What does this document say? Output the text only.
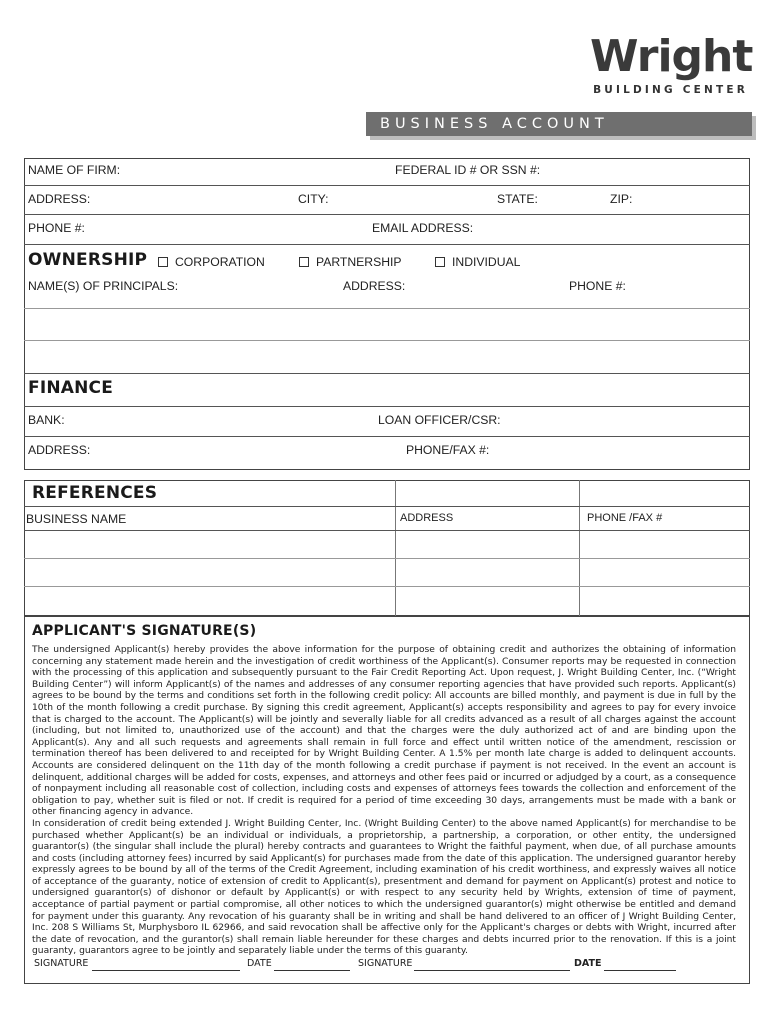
Wright
BUILDING CENTER
BUSINESS ACCOUNT APPLICATION
NAME OF FIRM:	FEDERAL ID # OR SSN #:
ADDRESS:	CITY:	STATE:	ZIP:
PHONE #:	EMAIL ADDRESS:
OWNERSHIP CORPORATION	PARTNERSHIP	INDIVIDUAL
NAME(S) OF PRINCIPALS:	ADDRESS:	PHONE #:
FINANCE
BANK:	LOAN OFFICER/CSR:
ADDRESS:	PHONE/FAX #:
REFERENCES
BUSINESS NAME	ADDRESS	PHONE /FAX #
APPLICANT'S SIGNATURE(S)

The undersigned Applicant(s) hereby provides the above information for the purpose of obtaining credit and authorizes the obtaining of information concerning any statement made herein and the investigation of credit worthiness of the Applicant(s). Consumer reports may be requested in connection with the processing of this application and subsequently pursuant to the Fair Credit Reporting Act. Upon request, J. Wright Building Center, Inc. (“Wright Building Center”) will inform Applicant(s) of the names and addresses of any consumer reporting agencies that have provided such reports. Applicant(s) agrees to be bound by the terms and conditions set forth in the following credit policy: All accounts are billed monthly, and payment is due in full by the 10th of the month following a credit purchase. By signing this credit agreement, Applicant(s) accepts responsibility and agrees to pay for every invoice that is charged to the account. The Applicant(s) will be jointly and severally liable for all credits advanced as a result of all charges against the account (including, but not limited to, unauthorized use of the account) and that the charges were the duly authorized act of and are binding upon the Applicant(s). Any and all such requests and agreements shall remain in full force and effect until written notice of the amendment, rescission or termination thereof has been delivered to and receipted for by Wright Building Center. A 1.5% per month late charge is added to delinquent accounts. Accounts are considered delinquent on the 11th day of the month following a credit purchase if payment is not received. In the event an account is delinquent, additional charges will be added for costs, expenses, and attorneys and other fees paid or incurred or adjudged by a court, as a consequence of nonpayment including all reasonable cost of collection, including costs and expenses of attorneys fees towards the collection and enforcement of the obligation to pay, whether suit is filed or not. If credit is required for a period of time exceeding 30 days, arrangements must be made with a bank or other financing agency in advance.

In consideration of credit being extended J. Wright Building Center, Inc. (Wright Building Center) to the above named Applicant(s) for merchandise to be purchased whether Applicant(s) be an individual or individuals, a proprietorship, a partnership, a corporation, or other entity, the undersigned guarantor(s) (the singular shall include the plural) hereby contracts and guarantees to Wright the faithful payment, when due, of all purchase amounts and costs (including attorney fees) incurred by said Applicant(s) for purchases made from the date of this application. The undersigned guarantor hereby expressly agrees to be bound by all of the terms of the Credit Agreement, including examination of his credit worthiness, and expressly waives all notice of acceptance of the guaranty, notice of extension of credit to Applicant(s), presentment and demand for payment on Applicant(s) protest and notice to undersigned guarantor(s) of dishonor or default by Applicant(s) or with respect to any security held by Wrights, extension of time of payment, acceptance of partial payment or partial compromise, all other notices to which the undersigned guarantor(s) might otherwise be entitled and demand for payment under this guaranty. Any revocation of his guaranty shall be in writing and shall be hand delivered to an officer of J Wright Building Center, Inc. 208 S Williams St, Murphysboro IL 62966, and said revocation shall be affective only for the Applicant's charges or debts with Wright, incurred after the date of revocation, and the gurantor(s) shall remain liable hereunder for these charges and debts incurred prior to the renovation. If this is a joint guaranty, guarantors agree to be jointly and separately liable under the terms of this guaranty.

SIGNATURE	DATE	SIGNATURE	DATE
